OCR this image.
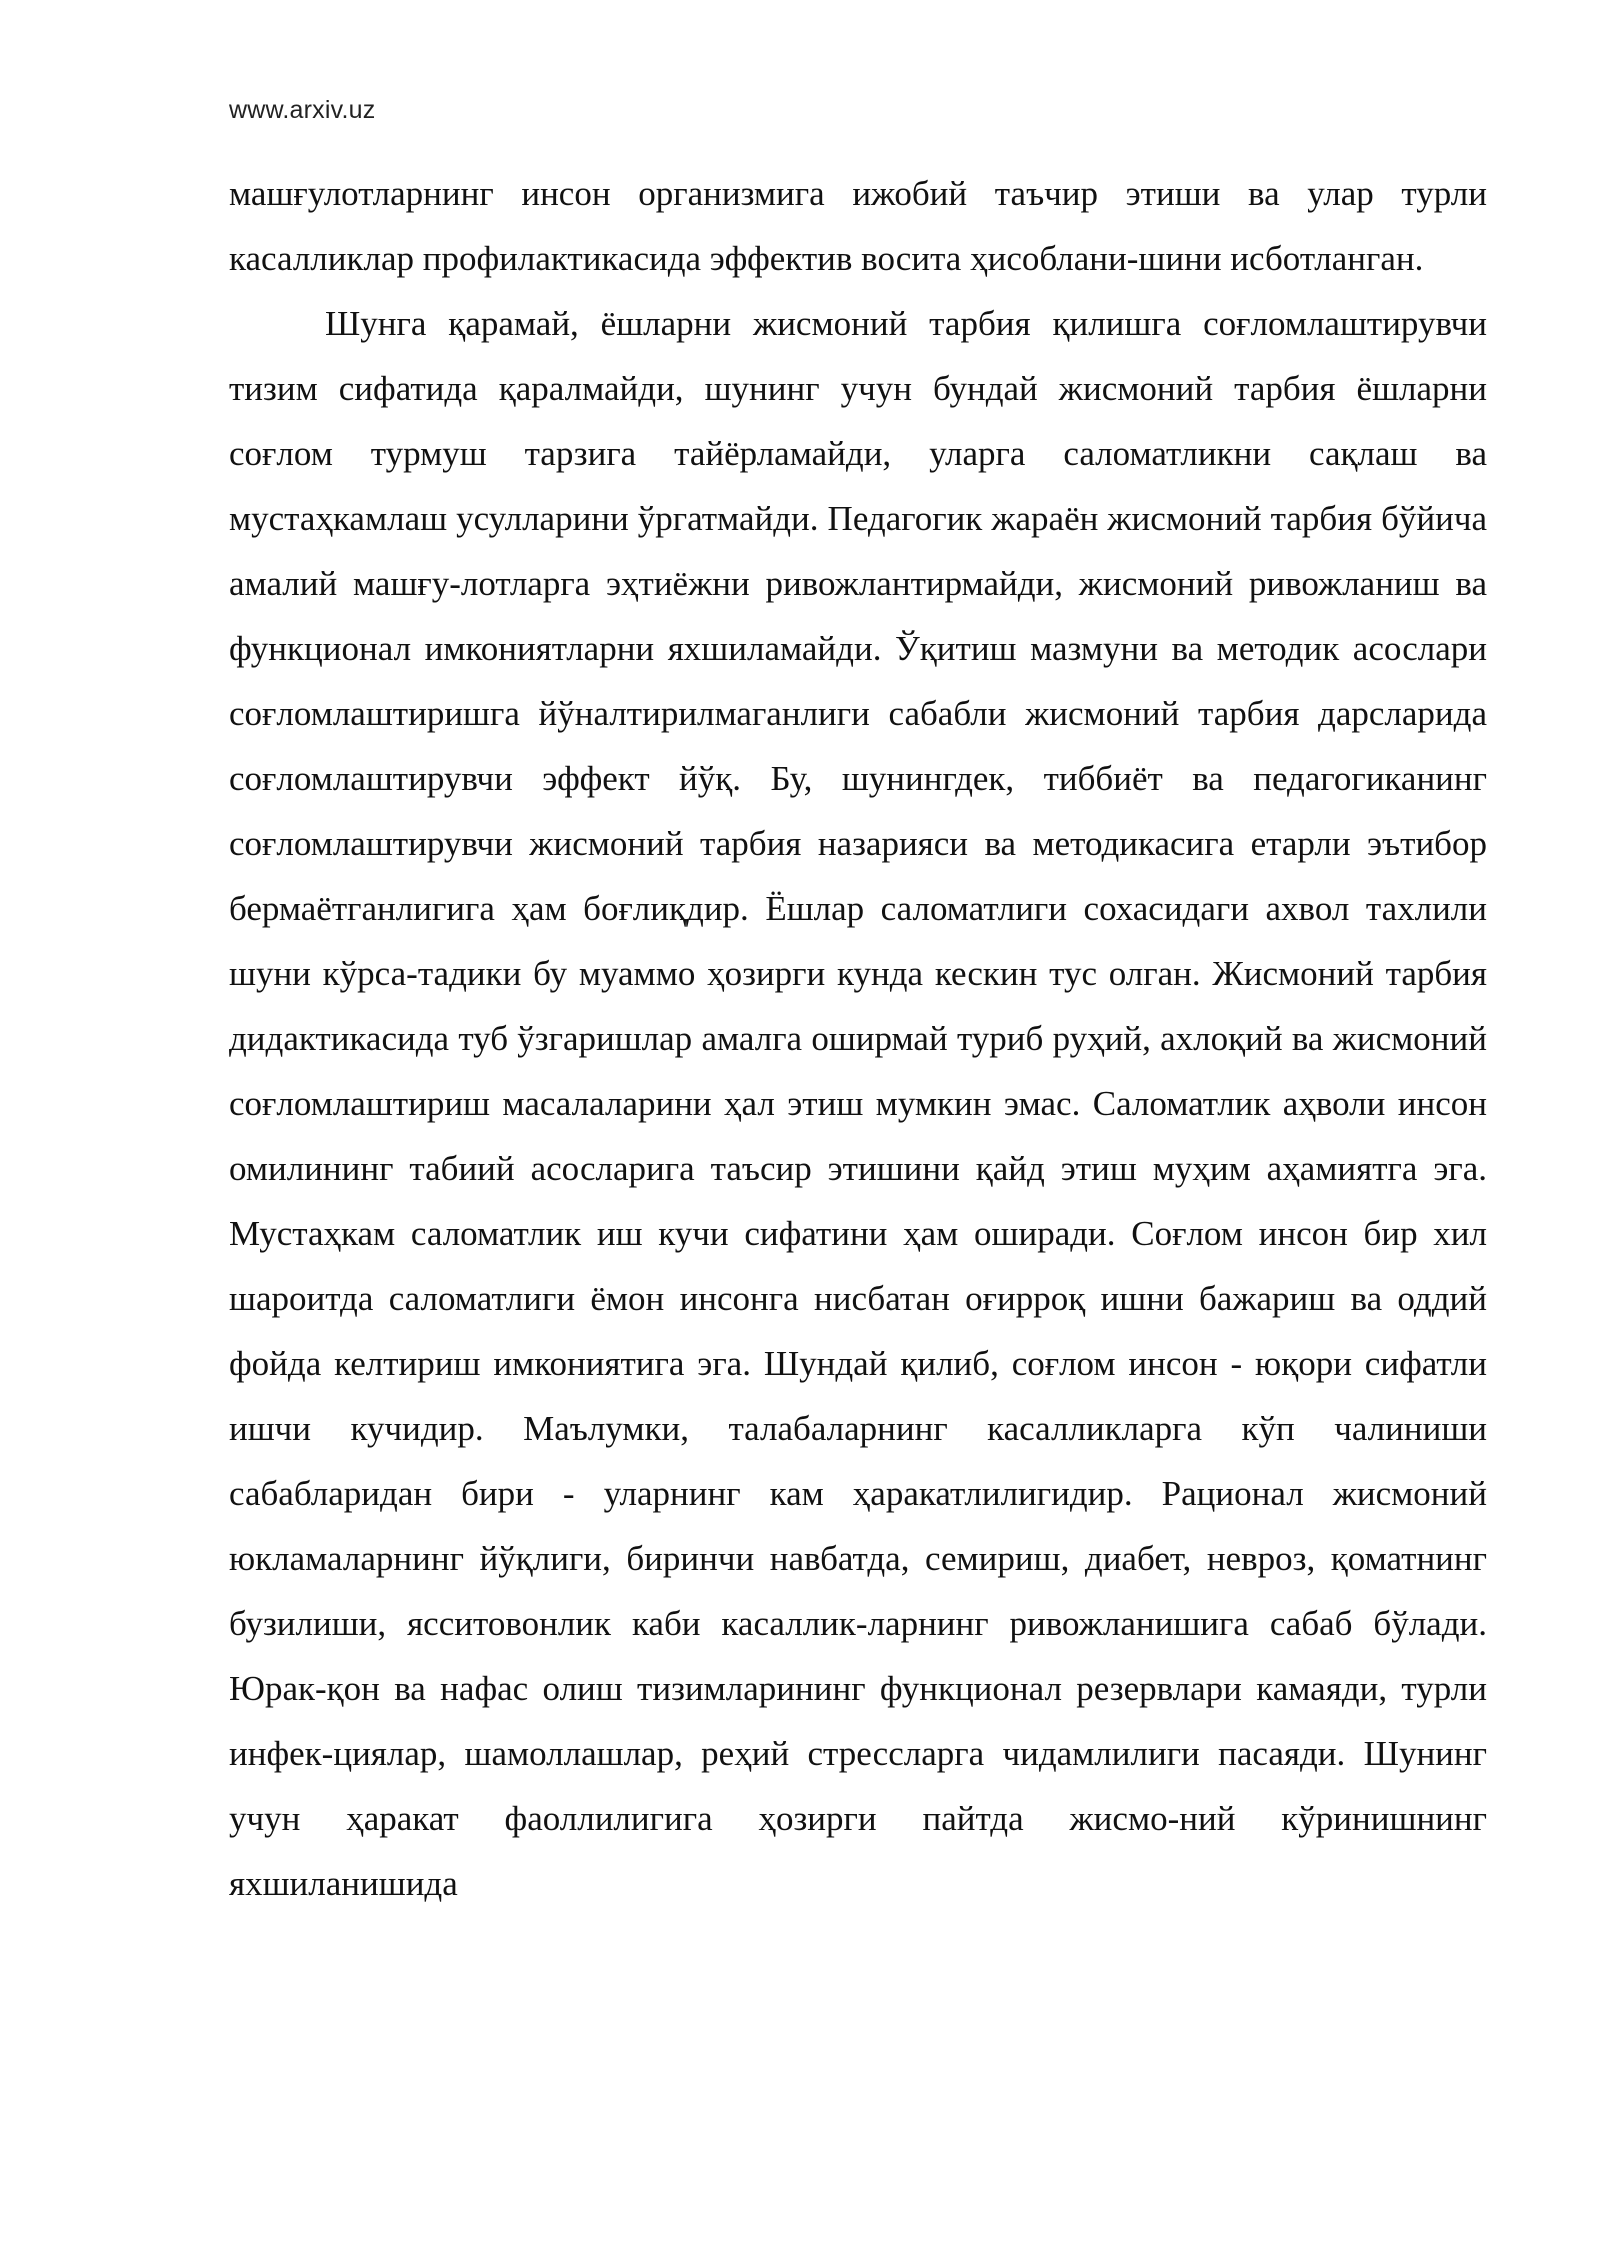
www.arxiv.uz

машғулотларнинг инсон организмига ижобий таъчир этиши ва улар турли касалликлар профилактикасида эффектив восита ҳисоблани-шини исботланган.

Шунга қарамай, ёшларни жисмоний тарбия қилишга соғломлаштирувчи тизим сифатида қаралмайди, шунинг учун бундай жисмоний тарбия ёшларни соғлом турмуш тарзига тайёрламайди, уларга саломатликни сақлаш ва мустаҳкамлаш усулларини ўргатмайди. Педагогик жараён жисмоний тарбия бўйича амалий машғу-лотларга эҳтиёжни ривожлантирмайди, жисмоний ривожланиш ва функционал имкониятларни яхшиламайди. Ўқитиш мазмуни ва методик асослари соғломлаштиришга йўналтирилмаганлиги сабабли жисмоний тарбия дарсларида соғломлаштирувчи эффект йўқ. Бу, шунингдек, тиббиёт ва педагогиканинг соғломлаштирувчи жисмоний тарбия назарияси ва методикасига етарли эътибор бермаётганлигига ҳам боғлиқдир. Ёшлар саломатлиги сохасидаги ахвол тахлили шуни кўрса-тадики бу муаммо ҳозирги кунда кескин тус олган. Жисмоний тарбия дидактикасида туб ўзгаришлар амалга оширмай туриб руҳий, ахлоқий ва жисмоний соғломлаштириш масалаларини ҳал этиш мумкин эмас. Саломатлик аҳволи инсон омилининг табиий асосларига таъсир этишини қайд этиш муҳим аҳамиятга эга. Мустаҳкам саломатлик иш кучи сифатини ҳам оширади. Соғлом инсон бир хил шароитда саломатлиги ёмон инсонга нисбатан оғирроқ ишни бажариш ва оддий фойда келтириш имкониятига эга. Шундай қилиб, соғлом инсон - юқори сифатли ишчи кучидир. Маълумки, талабаларнинг касалликларга кўп чалиниши сабабларидан бири - уларнинг кам ҳаракатлилигидир. Рационал жисмоний юкламаларнинг йўқлиги, биринчи навбатда, семириш, диабет, невроз, қоматнинг бузилиши, ясситовонлик каби касаллик-ларнинг ривожланишига сабаб бўлади. Юрак-қон ва нафас олиш тизимларининг функционал резервлари камаяди, турли инфек-циялар, шамоллашлар, реҳий стрессларга чидамлилиги пасаяди. Шунинг учун ҳаракат фаоллилигига ҳозирги пайтда жисмо-ний кўринишнинг яхшиланишида
